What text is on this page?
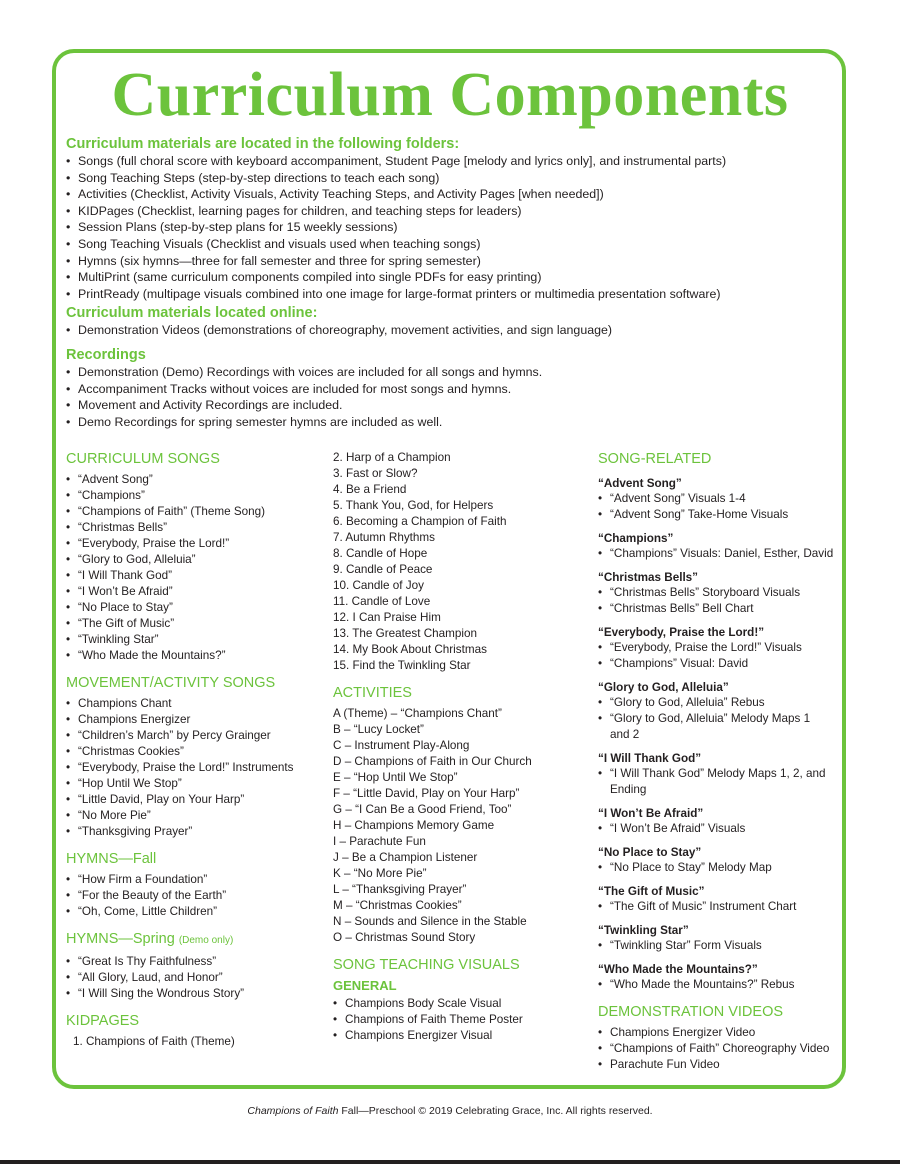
Curriculum Components

Curriculum materials are located in the following folders:

• Songs (full choral score with keyboard accompaniment, Student Page [melody and lyrics only], and instrumental parts)
• Song Teaching Steps (step-by-step directions to teach each song)
• Activities (Checklist, Activity Visuals, Activity Teaching Steps, and Activity Pages [when needed])
• KIDPages (Checklist, learning pages for children, and teaching steps for leaders)
• Session Plans (step-by-step plans for 15 weekly sessions)
• Song Teaching Visuals (Checklist and visuals used when teaching songs)
• Hymns (six hymns—three for fall semester and three for spring semester)
• MultiPrint (same curriculum components compiled into single PDFs for easy printing)
• PrintReady (multipage visuals combined into one image for large-format printers or multimedia presentation software)

Curriculum materials located online:

• Demonstration Videos (demonstrations of choreography, movement activities, and sign language)

Recordings

• Demonstration (Demo) Recordings with voices are included for all songs and hymns.
• Accompaniment Tracks without voices are included for most songs and hymns.
• Movement and Activity Recordings are included.
• Demo Recordings for spring semester hymns are included as well.
CURRICULUM SONGS
• “Advent Song”
• “Champions”
• “Champions of Faith” (Theme Song)
• “Christmas Bells”
• “Everybody, Praise the Lord!”
• “Glory to God, Alleluia”
• “I Will Thank God”
• “I Won’t Be Afraid”
• “No Place to Stay”
• “The Gift of Music”
• “Twinkling Star”
• “Who Made the Mountains?”
MOVEMENT/ACTIVITY SONGS
• Champions Chant
• Champions Energizer
• “Children’s March” by Percy Grainger
• “Christmas Cookies”
• “Everybody, Praise the Lord!” Instruments
• “Hop Until We Stop”
• “Little David, Play on Your Harp”
• “No More Pie”
• “Thanksgiving Prayer”
HYMNS—Fall
• “How Firm a Foundation”
• “For the Beauty of the Earth”
• “Oh, Come, Little Children”
HYMNS—Spring (Demo only)
• “Great Is Thy Faithfulness”
• “All Glory, Laud, and Honor”
• “I Will Sing the Wondrous Story”
KIDPAGES
1. Champions of Faith (Theme)
2. Harp of a Champion
3. Fast or Slow?
4. Be a Friend
5. Thank You, God, for Helpers
6. Becoming a Champion of Faith
7. Autumn Rhythms
8. Candle of Hope
9. Candle of Peace
10. Candle of Joy
11. Candle of Love
12. I Can Praise Him
13. The Greatest Champion
14. My Book About Christmas
15. Find the Twinkling Star
ACTIVITIES
A (Theme) – “Champions Chant”
B – “Lucy Locket”
C – Instrument Play-Along
D – Champions of Faith in Our Church
E – “Hop Until We Stop”
F – “Little David, Play on Your Harp”
G – “I Can Be a Good Friend, Too”
H – Champions Memory Game
I – Parachute Fun
J – Be a Champion Listener
K – “No More Pie”
L – “Thanksgiving Prayer”
M – “Christmas Cookies”
N – Sounds and Silence in the Stable
O – Christmas Sound Story
SONG TEACHING VISUALS
GENERAL
• Champions Body Scale Visual
• Champions of Faith Theme Poster
• Champions Energizer Visual
SONG-RELATED

“Advent Song”

• “Advent Song” Visuals 1-4
• “Advent Song” Take-Home Visuals

“Champions”

• “Champions” Visuals: Daniel, Esther, David

“Christmas Bells”

• “Christmas Bells” Storyboard Visuals
• “Christmas Bells” Bell Chart

“Everybody, Praise the Lord!”

• “Everybody, Praise the Lord!” Visuals
• “Champions” Visual: David

“Glory to God, Alleluia”

• “Glory to God, Alleluia” Rebus
• “Glory to God, Alleluia” Melody Maps 1
and 2

“I Will Thank God”

• “I Will Thank God” Melody Maps 1, 2, and
Ending

“I Won’t Be Afraid”

• “I Won’t Be Afraid” Visuals

“No Place to Stay”

• “No Place to Stay” Melody Map

“The Gift of Music”

• “The Gift of Music” Instrument Chart

“Twinkling Star”

• “Twinkling Star” Form Visuals

“Who Made the Mountains?”

• “Who Made the Mountains?” Rebus
DEMONSTRATION VIDEOS
• Champions Energizer Video
• “Champions of Faith” Choreography Video
• Parachute Fun Video
Champions of Faith Fall—Preschool © 2019 Celebrating Grace, Inc. All rights reserved.
